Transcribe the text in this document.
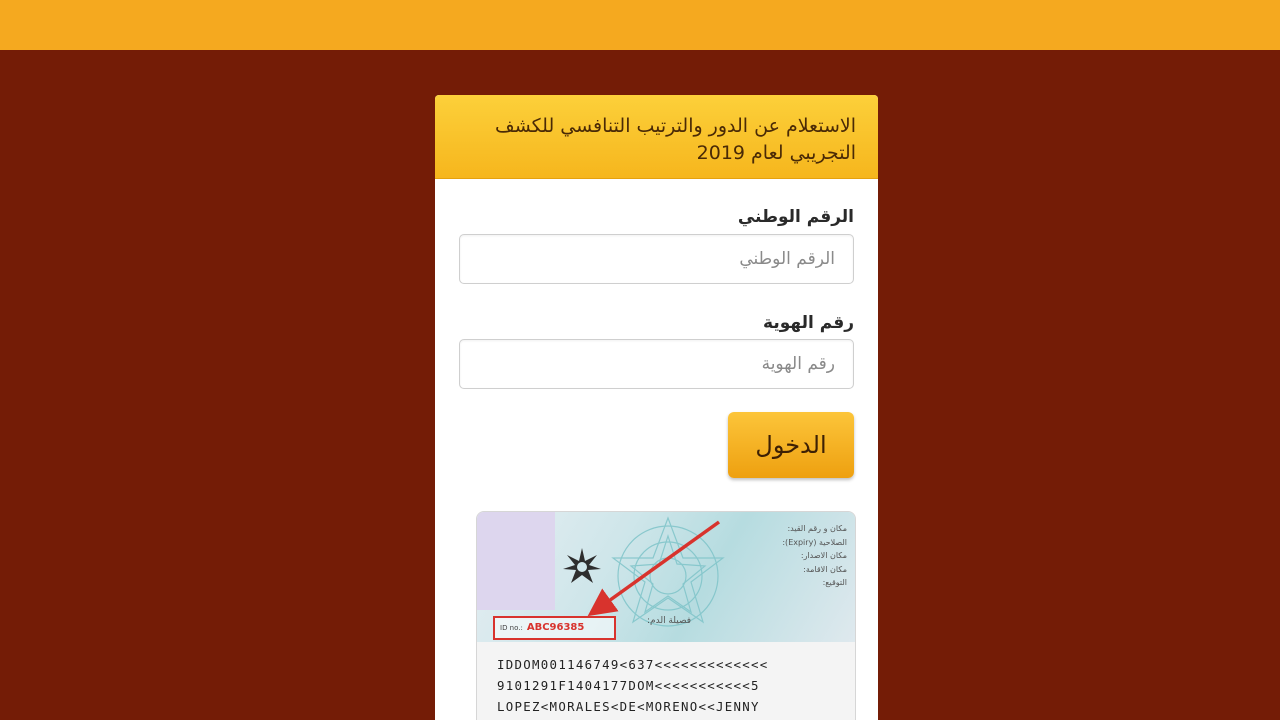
الاستعلام عن الدور والترتيب التنافسي للكشف التجريبي لعام 2019
الرقم الوطني
الرقم الوطني
رقم الهوية
رقم الهوية
الدخول
مكان و رقم القيد:
الصلاحية (Expiry):
مكان الاصدار:
مكان الاقامة:
التوقيع:
فصيلة الدم:
ID no.: ABC96385
IDDOM001146749<637<<<<<<<<<<<<<
9101291F1404177DOM<<<<<<<<<<<5
LOPEZ<MORALES<DE<MORENO<<JENNY
